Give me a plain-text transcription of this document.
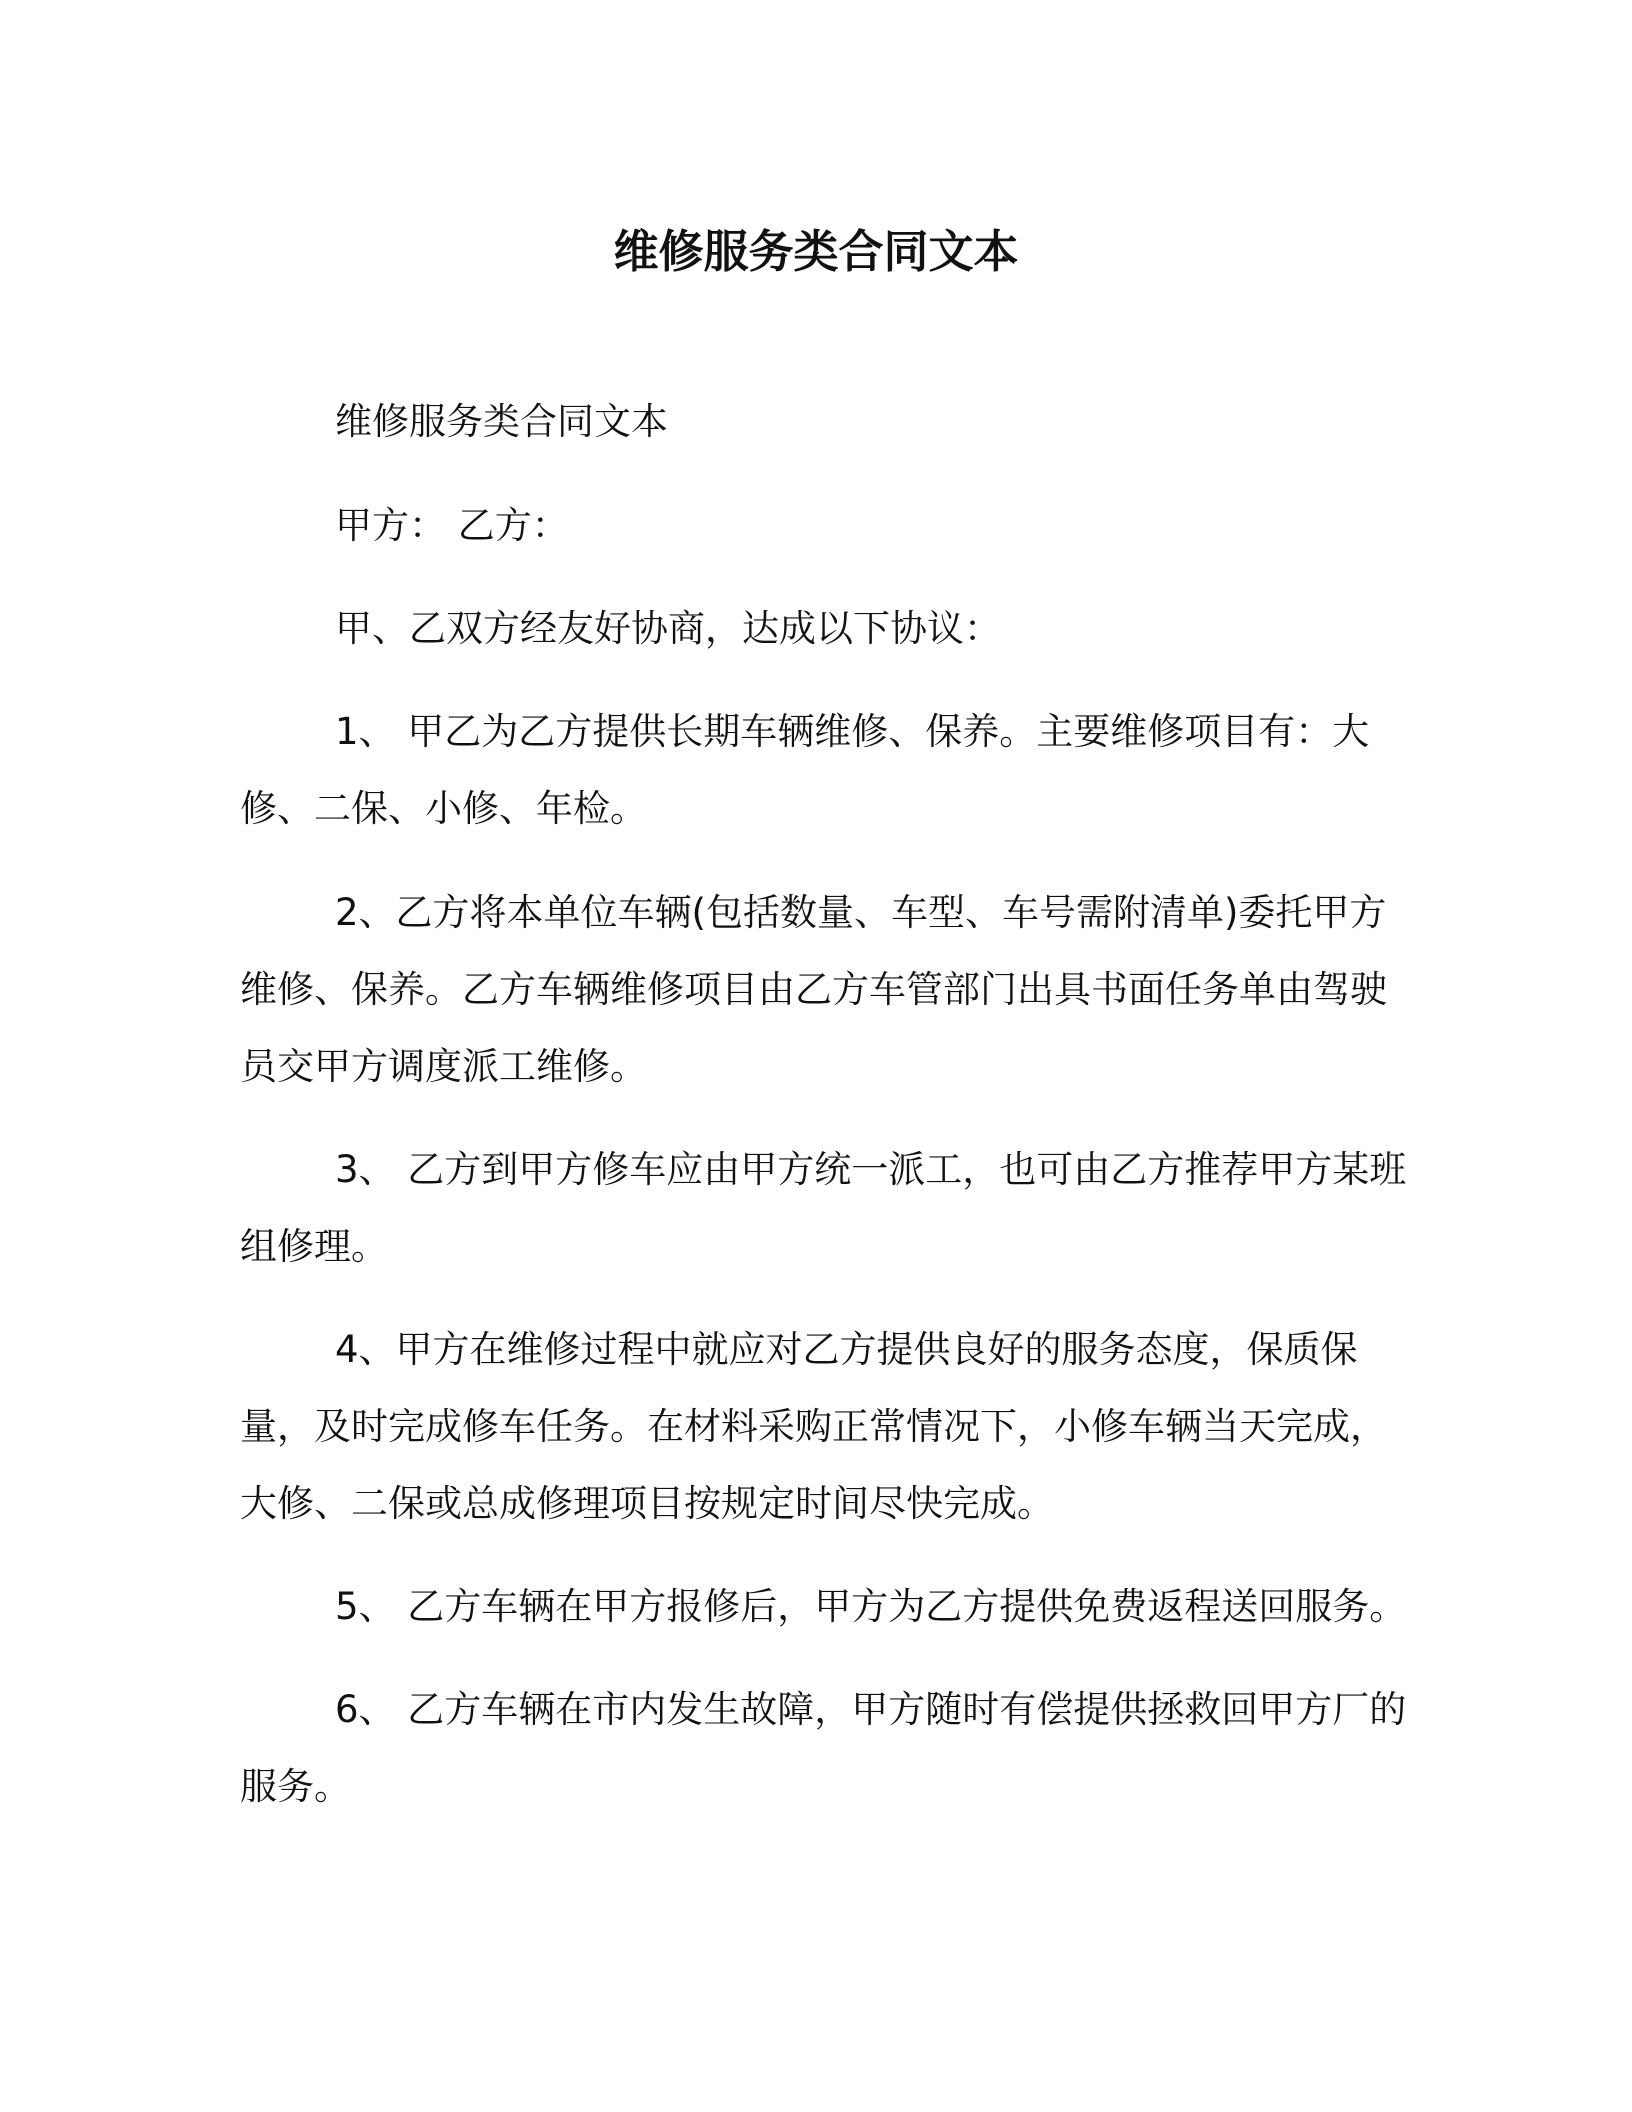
维修服务类合同文本

维修服务类合同文本

甲方： 乙方：

甲、乙双方经友好协商，达成以下协议：

1、 甲乙为乙方提供长期车辆维修、保养。主要维修项目有：大修、二保、小修、年检。

2、乙方将本单位车辆(包括数量、车型、车号需附清单)委托甲方维修、保养。乙方车辆维修项目由乙方车管部门出具书面任务单由驾驶员交甲方调度派工维修。

3、 乙方到甲方修车应由甲方统一派工，也可由乙方推荐甲方某班组修理。

4、甲方在维修过程中就应对乙方提供良好的服务态度，保质保量，及时完成修车任务。在材料采购正常情况下，小修车辆当天完成，大修、二保或总成修理项目按规定时间尽快完成。

5、 乙方车辆在甲方报修后，甲方为乙方提供免费返程送回服务。

6、 乙方车辆在市内发生故障，甲方随时有偿提供拯救回甲方厂的服务。
